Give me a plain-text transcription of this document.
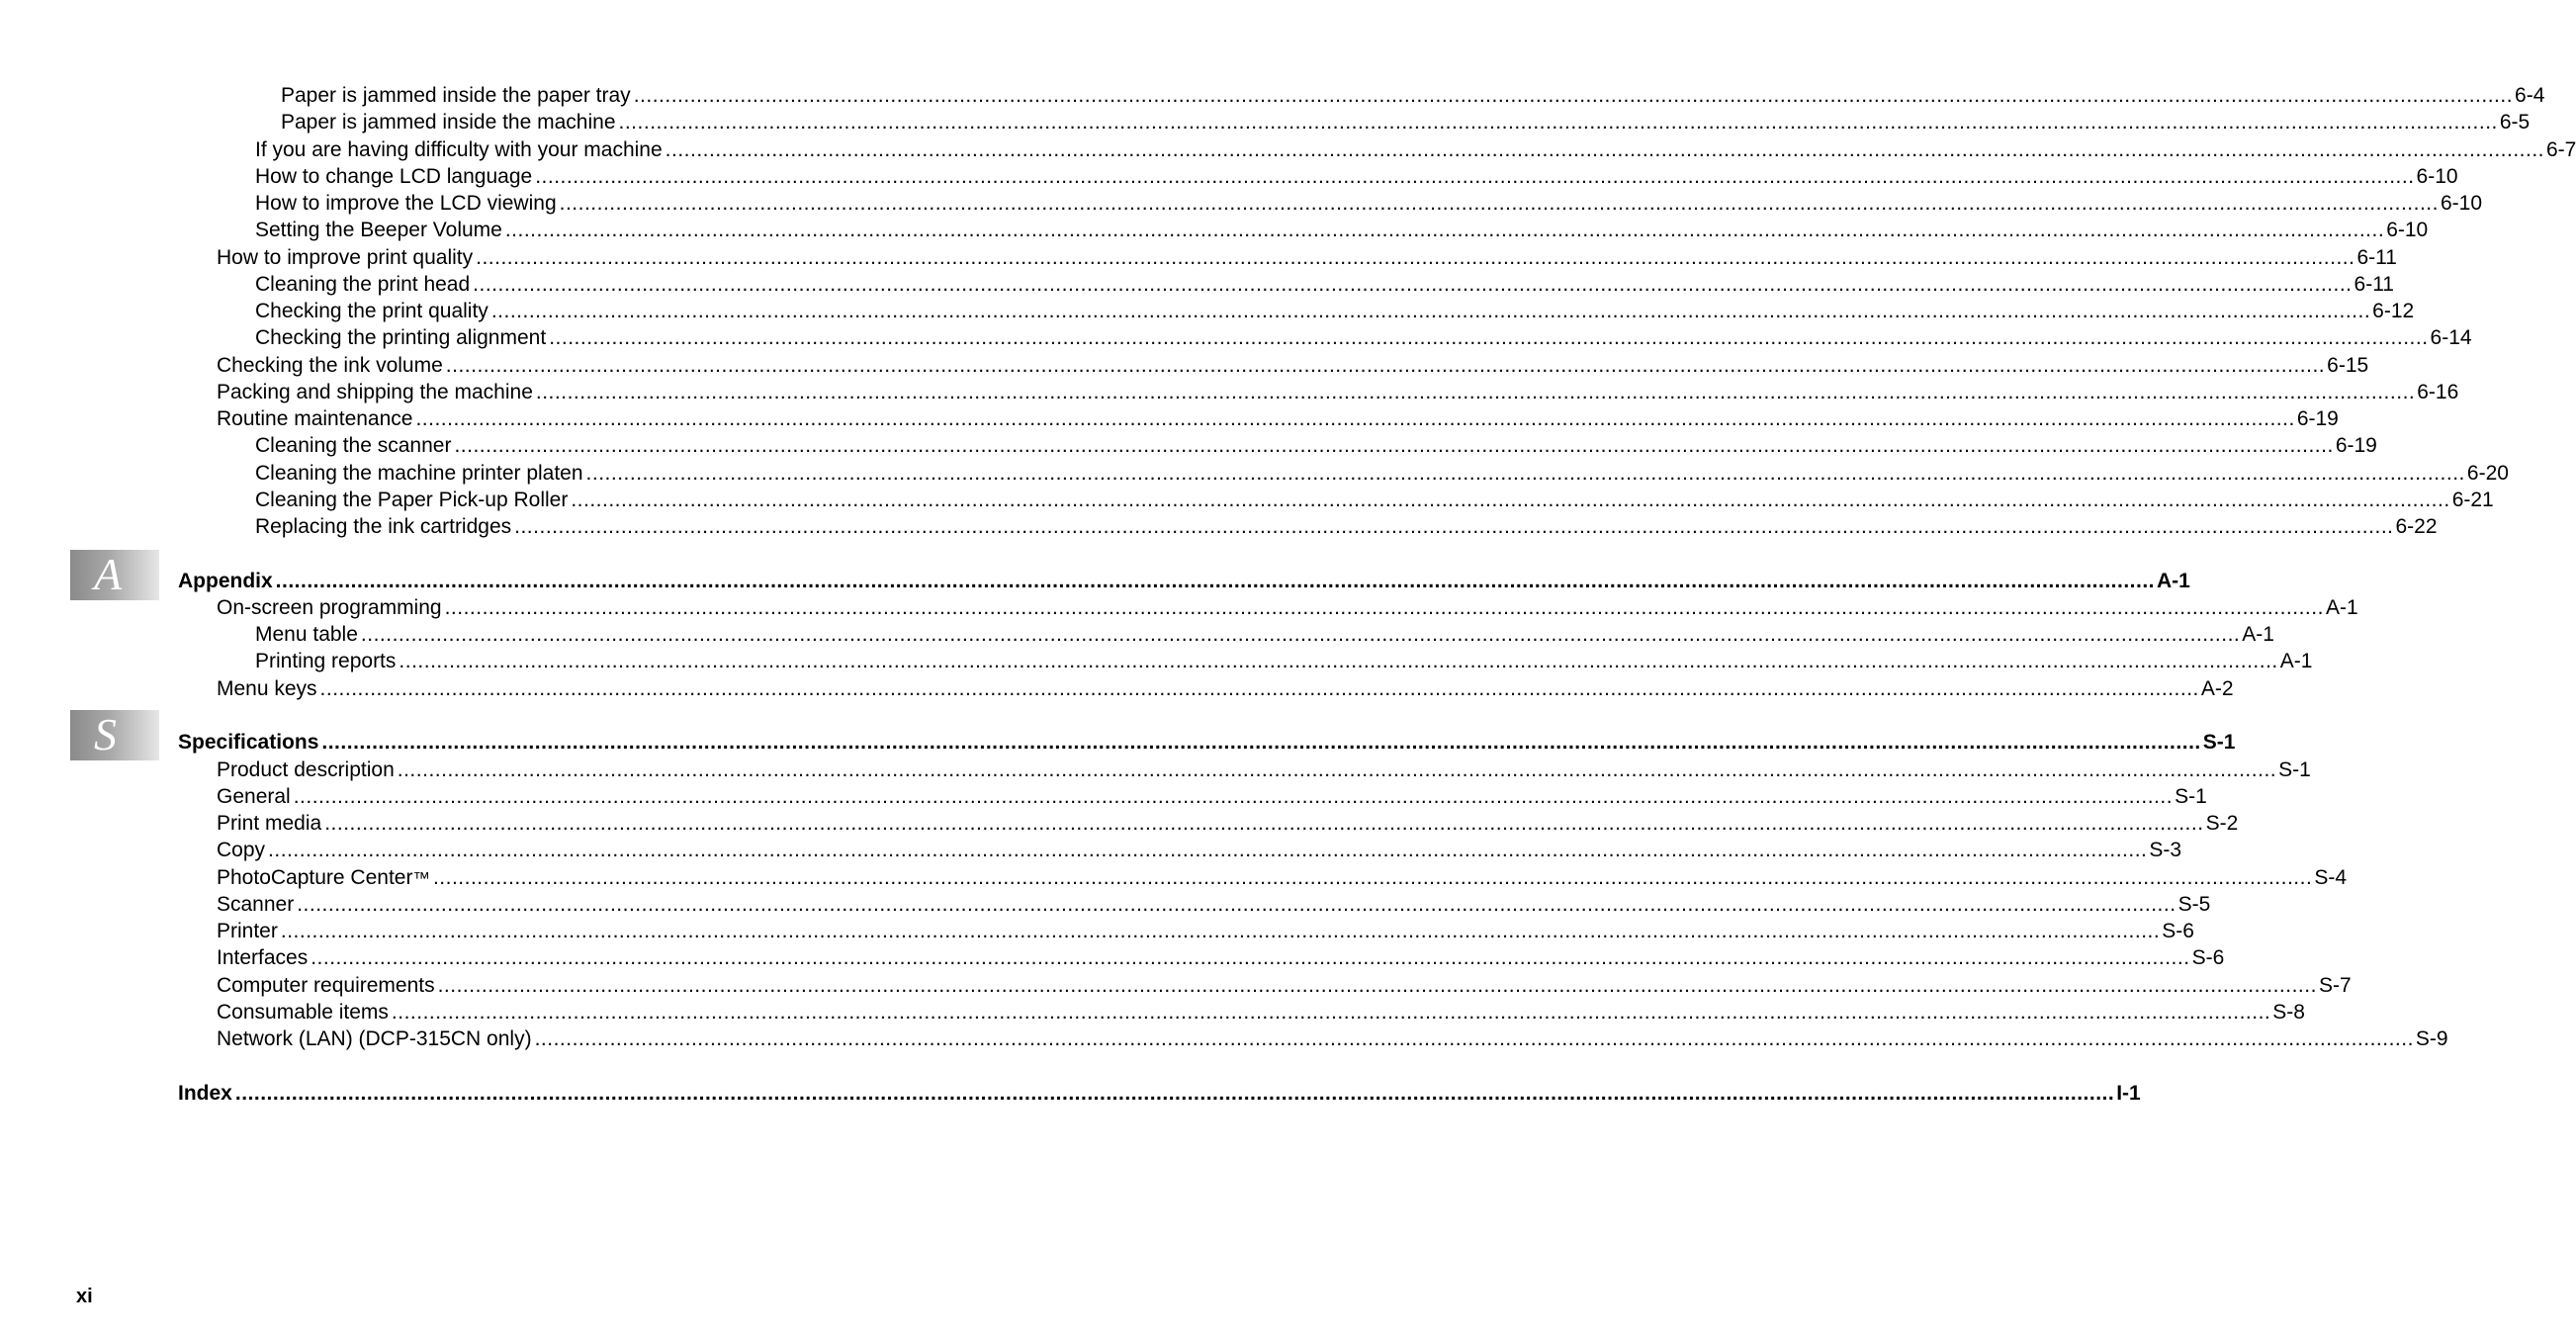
Paper is jammed inside the paper tray ............................................................................................................................................................................................................................................................................................................ 6-4
Paper is jammed inside the machine ............................................................................................................................................................................................................................................................................................................ 6-5
If you are having difficulty with your machine ............................................................................................................................................................................................................................................................................................................ 6-7
How to change LCD language ............................................................................................................................................................................................................................................................................................................ 6-10
How to improve the LCD viewing ............................................................................................................................................................................................................................................................................................................ 6-10
Setting the Beeper Volume ............................................................................................................................................................................................................................................................................................................ 6-10
How to improve print quality ............................................................................................................................................................................................................................................................................................................ 6-11
Cleaning the print head ............................................................................................................................................................................................................................................................................................................ 6-11
Checking the print quality ............................................................................................................................................................................................................................................................................................................ 6-12
Checking the printing alignment ............................................................................................................................................................................................................................................................................................................ 6-14
Checking the ink volume ............................................................................................................................................................................................................................................................................................................ 6-15
Packing and shipping the machine ............................................................................................................................................................................................................................................................................................................ 6-16
Routine maintenance ............................................................................................................................................................................................................................................................................................................ 6-19
Cleaning the scanner ............................................................................................................................................................................................................................................................................................................ 6-19
Cleaning the machine printer platen ............................................................................................................................................................................................................................................................................................................ 6-20
Cleaning the Paper Pick-up Roller ............................................................................................................................................................................................................................................................................................................ 6-21
Replacing the ink cartridges ............................................................................................................................................................................................................................................................................................................ 6-22
Appendix ............................................................................................................................................................................................................................................................................................................ A-1
On-screen programming ............................................................................................................................................................................................................................................................................................................ A-1
Menu table ............................................................................................................................................................................................................................................................................................................ A-1
Printing reports ............................................................................................................................................................................................................................................................................................................ A-1
Menu keys ............................................................................................................................................................................................................................................................................................................ A-2
Specifications ............................................................................................................................................................................................................................................................................................................ S-1
Product description ............................................................................................................................................................................................................................................................................................................ S-1
General ............................................................................................................................................................................................................................................................................................................ S-1
Print media ............................................................................................................................................................................................................................................................................................................ S-2
Copy ............................................................................................................................................................................................................................................................................................................ S-3
PhotoCapture Center ™ ............................................................................................................................................................................................................................................................................................................ S-4
Scanner ............................................................................................................................................................................................................................................................................................................ S-5
Printer ............................................................................................................................................................................................................................................................................................................ S-6
Interfaces ............................................................................................................................................................................................................................................................................................................ S-6
Computer requirements ............................................................................................................................................................................................................................................................................................................ S-7
Consumable items ............................................................................................................................................................................................................................................................................................................ S-8
Network (LAN) (DCP-315CN only) ............................................................................................................................................................................................................................................................................................................ S-9
Index ............................................................................................................................................................................................................................................................................................................ I-1
A
S
xi
